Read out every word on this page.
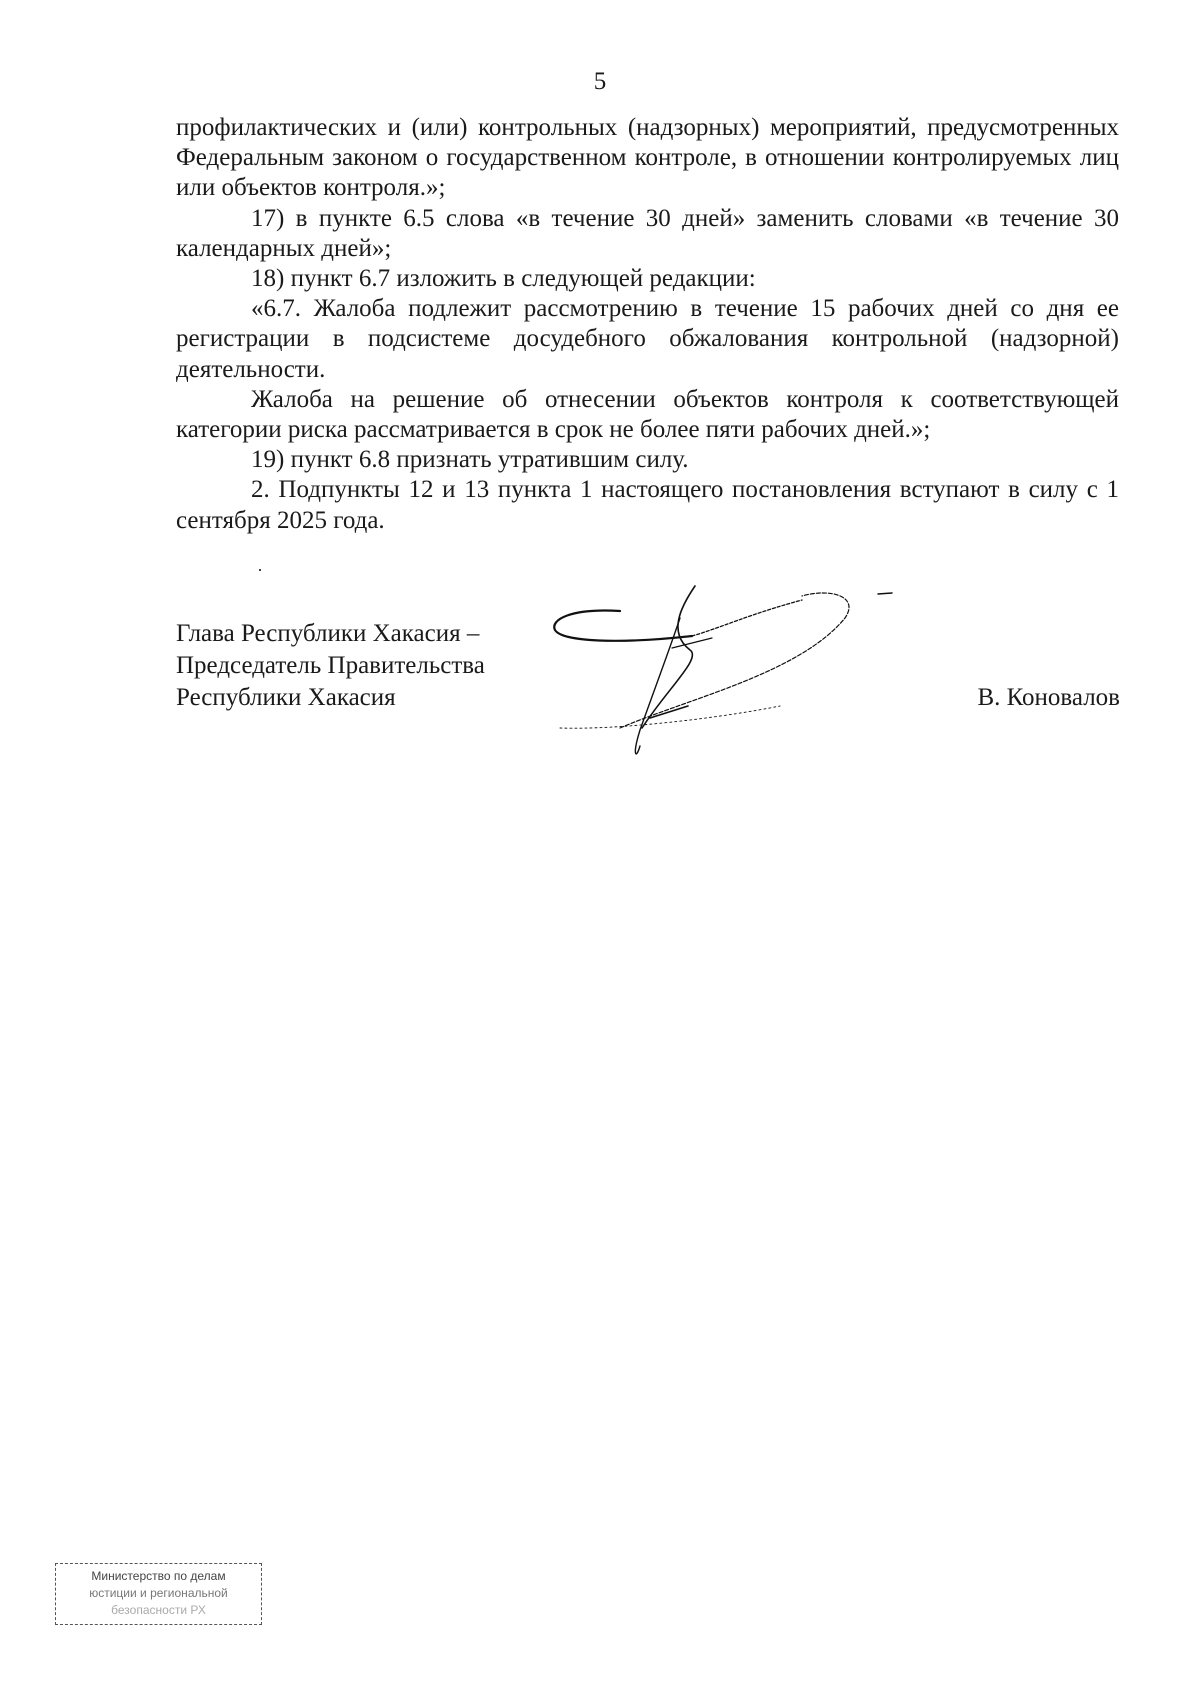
5

профилактических и (или) контрольных (надзорных) мероприятий, предусмотренных Федеральным законом о государственном контроле, в отношении контролируемых лиц или объектов контроля.»;

17) в пункте 6.5 слова «в течение 30 дней» заменить словами «в течение 30 календарных дней»;

18) пункт 6.7 изложить в следующей редакции:

«6.7. Жалоба подлежит рассмотрению в течение 15 рабочих дней со дня ее регистрации в подсистеме досудебного обжалования контрольной (надзорной) деятельности.

Жалоба на решение об отнесении объектов контроля к соответствующей категории риска рассматривается в срок не более пяти рабочих дней.»;

19) пункт 6.8 признать утратившим силу.

2. Подпункты 12 и 13 пункта 1 настоящего постановления вступают в силу с 1 сентября 2025 года.

Глава Республики Хакасия –
Председатель Правительства
Республики Хакасия	В. Коновалов
Министерство по делам
юстиции и региональной
безопасности РХ
